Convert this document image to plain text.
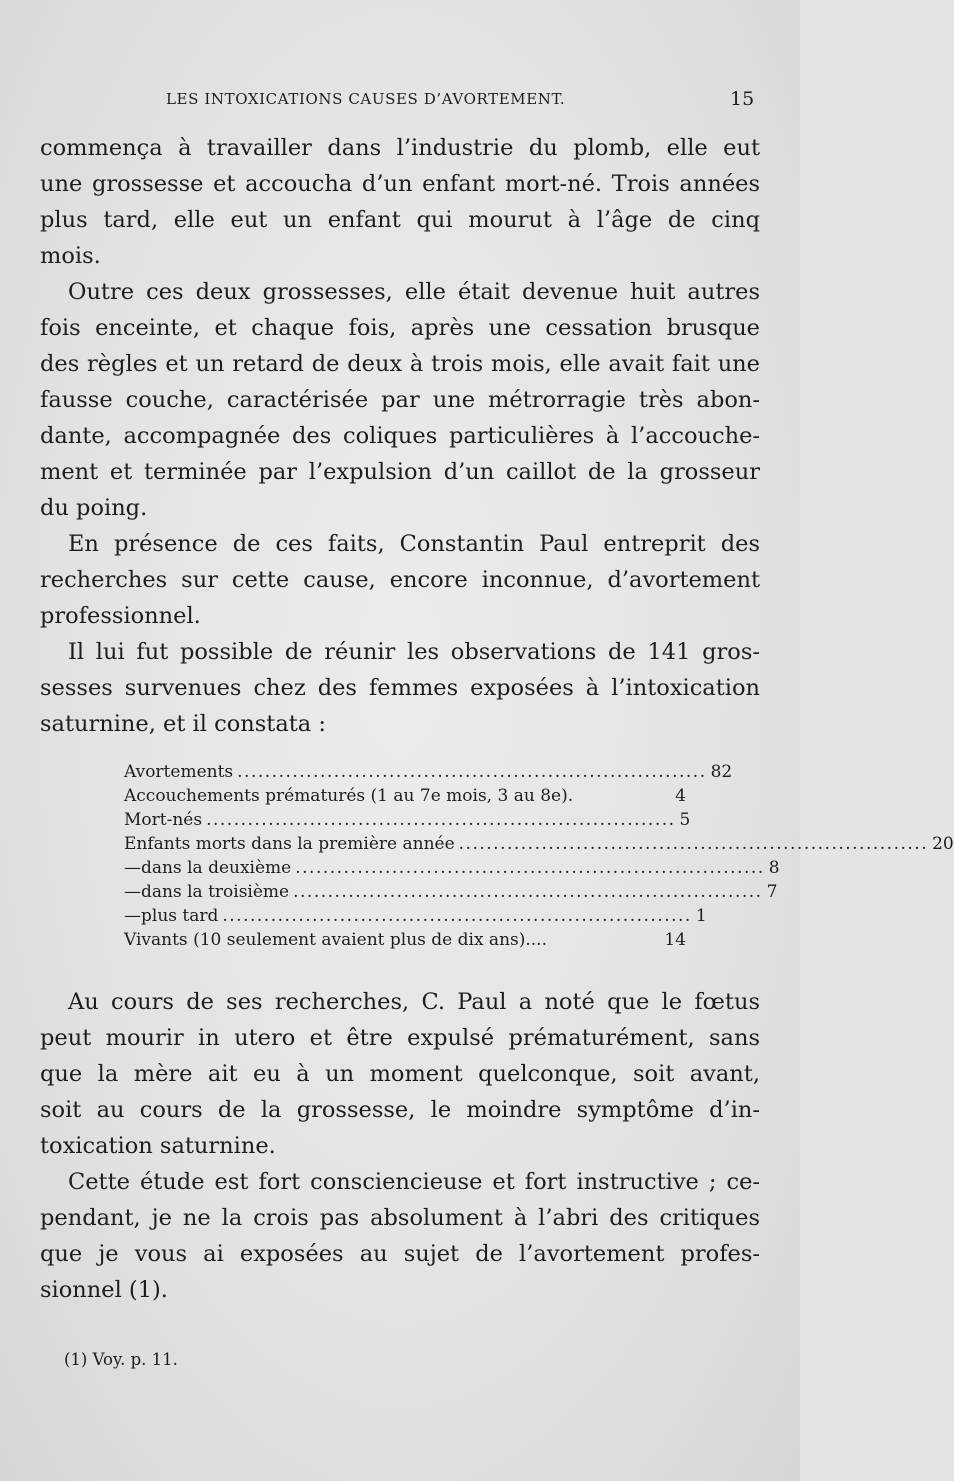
LES INTOXICATIONS CAUSES D’AVORTEMENT.	15
commença à travailler dans l’industrie du plomb, elle eut
une grossesse et accoucha d’un enfant mort-né. Trois années
plus tard, elle eut un enfant qui mourut à l’âge de cinq
mois.
Outre ces deux grossesses, elle était devenue huit autres
fois enceinte, et chaque fois, après une cessation brusque
des règles et un retard de deux à trois mois, elle avait fait une
fausse couche, caractérisée par une métrorragie très abon-
dante, accompagnée des coliques particulières à l’accouche-
ment et terminée par l’expulsion d’un caillot de la grosseur
du poing.
En présence de ces faits, Constantin Paul entreprit des
recherches sur cette cause, encore inconnue, d’avortement
professionnel.
Il lui fut possible de réunir les observations de 141 gros-
sesses survenues chez des femmes exposées à l’intoxication
saturnine, et il constata :
Avortements .................................................................... 82
Accouchements prématurés (1 au 7e mois, 3 au 8e).	4
Mort-nés .................................................................... 5
Enfants morts dans la première année .................................................................... 20
— dans la deuxième .................................................................... 8
— dans la troisième .................................................................... 7
— plus tard .................................................................... 1
Vivants (10 seulement avaient plus de dix ans)....	14
Au cours de ses recherches, C. Paul a noté que le fœtus
peut mourir in utero et être expulsé prématurément, sans
que la mère ait eu à un moment quelconque, soit avant,
soit au cours de la grossesse, le moindre symptôme d’in-
toxication saturnine.
Cette étude est fort consciencieuse et fort instructive ; ce-
pendant, je ne la crois pas absolument à l’abri des critiques
que je vous ai exposées au sujet de l’avortement profes-
sionnel (1).
(1) Voy. p. 11.
